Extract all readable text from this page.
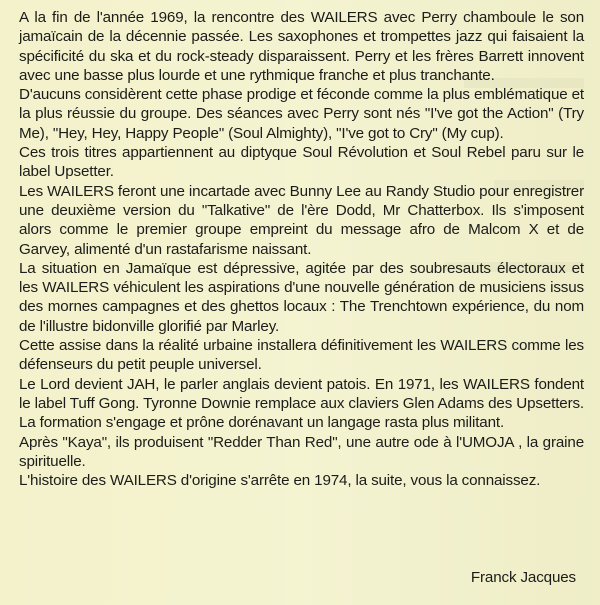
A la fin de l'année 1969, la rencontre des WAILERS avec Perry chamboule le son jamaïcain de la décennie passée. Les saxophones et trompettes jazz qui faisaient la spécificité du ska et du rock-steady disparaissent. Perry et les frères Barrett innovent avec une basse plus lourde et une rythmique franche et plus tranchante.

D'aucuns considèrent cette phase prodige et féconde comme la plus emblématique et la plus réussie du groupe. Des séances avec Perry sont nés "I've got the Action" (Try Me), "Hey, Hey, Happy People" (Soul Almighty), "I've got to Cry" (My cup).

Ces trois titres appartiennent au diptyque Soul Révolution et Soul Rebel paru sur le label Upsetter.

Les WAILERS feront une incartade avec Bunny Lee au Randy Studio pour enregistrer une deuxième version du "Talkative" de l'ère Dodd, Mr Chatterbox. Ils s'imposent alors comme le premier groupe empreint du message afro de Malcom X et de Garvey, alimenté d'un rastafarisme naissant.

La situation en Jamaïque est dépressive, agitée par des soubresauts électoraux et les WAILERS véhiculent les aspirations d'une nouvelle génération de musiciens issus des mornes campagnes et des ghettos locaux : The Trenchtown expérience, du nom de l'illustre bidonville glorifié par Marley.

Cette assise dans la réalité urbaine installera définitivement les WAILERS comme les défenseurs du petit peuple universel.

Le Lord devient JAH, le parler anglais devient patois. En 1971, les WAILERS fondent le label Tuff Gong. Tyronne Downie remplace aux claviers Glen Adams des Upsetters. La formation s'engage et prône dorénavant un langage rasta plus militant.

Après "Kaya", ils produisent "Redder Than Red", une autre ode à l'UMOJA , la graine spirituelle.

L'histoire des WAILERS d'origine s'arrête en 1974, la suite, vous la connaissez.

Franck Jacques
